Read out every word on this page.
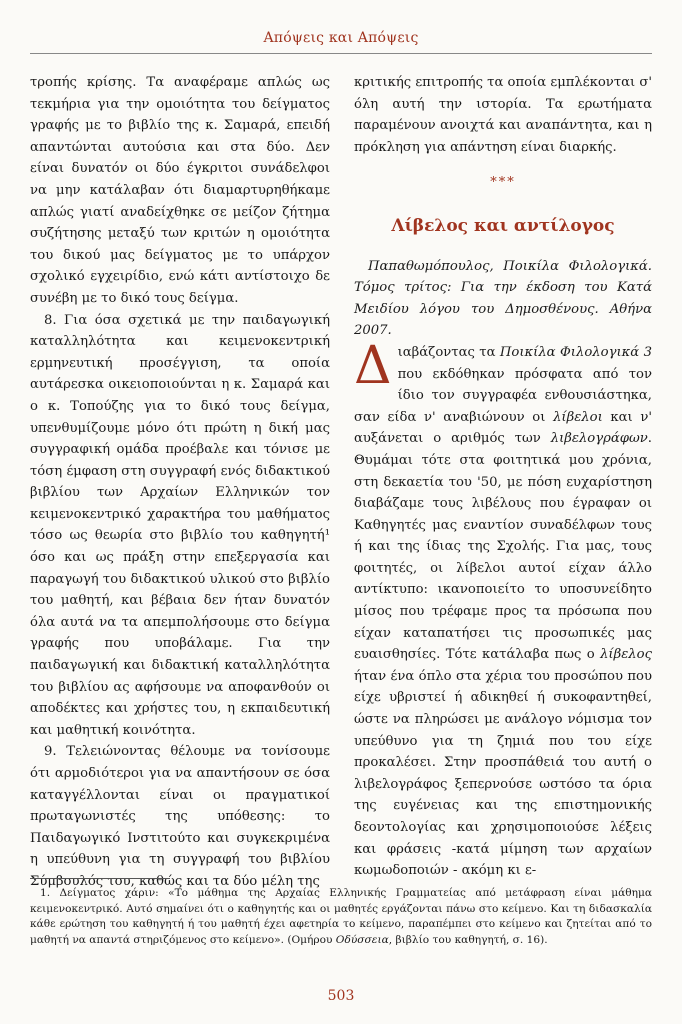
Απόψεις και Απόψεις

τροπής κρίσης. Τα αναφέραμε απλώς ως τεκμήρια για την ομοιότητα του δείγματος γραφής με το βιβλίο της κ. Σαμαρά, επειδή απαντώνται αυτούσια και στα δύο. Δεν είναι δυνατόν οι δύο έγκριτοι συνάδελφοι να μην κατάλαβαν ότι διαμαρτυρηθήκαμε απλώς γιατί αναδείχθηκε σε μείζον ζήτημα συζήτησης μεταξύ των κριτών η ομοιότητα του δικού μας δείγματος με το υπάρχον σχολικό εγχειρίδιο, ενώ κάτι αντίστοιχο δε συνέβη με το δικό τους δείγμα.

8. Για όσα σχετικά με την παιδαγωγική καταλληλότητα και κειμενοκεντρική ερμηνευτική προσέγγιση, τα οποία αυτάρεσκα οικειοποιούνται η κ. Σαμαρά και ο κ. Τοπούζης για το δικό τους δείγμα, υπενθυμίζουμε μόνο ότι πρώτη η δική μας συγγραφική ομάδα προέβαλε και τόνισε με τόση έμφαση στη συγγραφή ενός διδακτικού βιβλίου των Αρχαίων Ελληνικών τον κειμενοκεντρικό χαρακτήρα του μαθήματος τόσο ως θεωρία στο βιβλίο του καθηγητή¹ όσο και ως πράξη στην επεξεργασία και παραγωγή του διδακτικού υλικού στο βιβλίο του μαθητή, και βέβαια δεν ήταν δυνατόν όλα αυτά να τα απεμπολήσουμε στο δείγμα γραφής που υποβάλαμε. Για την παιδαγωγική και διδακτική καταλληλότητα του βιβλίου ας αφήσουμε να αποφανθούν οι αποδέκτες και χρήστες του, η εκπαιδευτική και μαθητική κοινότητα.

9. Τελειώνοντας θέλουμε να τονίσουμε ότι αρμοδιότεροι για να απαντήσουν σε όσα καταγγέλλονται είναι οι πραγματικοί πρωταγωνιστές της υπόθεσης: το Παιδαγωγικό Ινστιτούτο και συγκεκριμένα η υπεύθυνη για τη συγγραφή του βιβλίου Σύμβουλός του, καθώς και τα δύο μέλη της

κριτικής επιτροπής τα οποία εμπλέκονται σ' όλη αυτή την ιστορία. Τα ερωτήματα παραμένουν ανοιχτά και αναπάντητα, και η πρόκληση για απάντηση είναι διαρκής.

***
Λίβελος και αντίλογος

Παπαθωμόπουλος, Ποικίλα Φιλολογικά. Τόμος τρίτος: Για την έκδοση του Κατά Μειδίου λόγου του Δημοσθένους. Αθήνα 2007.

Διαβάζοντας τα Ποικίλα Φιλολογικά 3 που εκδόθηκαν πρόσφατα από τον ίδιο τον συγγραφέα ενθουσιάστηκα, σαν είδα ν' αναβιώνουν οι λίβελοι και ν' αυξάνεται ο αριθμός των λιβελογράφων. Θυμάμαι τότε στα φοιτητικά μου χρόνια, στη δεκαετία του '50, με πόση ευχαρίστηση διαβάζαμε τους λιβέλους που έγραφαν οι Καθηγητές μας εναντίον συναδέλφων τους ή και της ίδιας της Σχολής. Για μας, τους φοιτητές, οι λίβελοι αυτοί είχαν άλλο αντίκτυπο: ικανοποιείτο το υποσυνείδητο μίσος που τρέφαμε προς τα πρόσωπα που είχαν καταπατήσει τις προσωπικές μας ευαισθησίες. Τότε κατάλαβα πως ο λίβελος ήταν ένα όπλο στα χέρια του προσώπου που είχε υβριστεί ή αδικηθεί ή συκοφαντηθεί, ώστε να πληρώσει με ανάλογο νόμισμα τον υπεύθυνο για τη ζημιά που του είχε προκαλέσει. Στην προσπάθειά του αυτή ο λιβελογράφος ξεπερνούσε ωστόσο τα όρια της ευγένειας και της επιστημονικής δεοντολογίας και χρησιμοποιούσε λέξεις και φράσεις -κατά μίμηση των αρχαίων κωμωδοποιών - ακόμη κι ε-

1. Δείγματος χάριν: «Το μάθημα της Αρχαίας Ελληνικής Γραμματείας από μετάφραση είναι μάθημα κειμενοκεντρικό. Αυτό σημαίνει ότι ο καθηγητής και οι μαθητές εργάζονται πάνω στο κείμενο. Και τη διδασκαλία κάθε ερώτηση του καθηγητή ή του μαθητή έχει αφετηρία το κείμενο, παραπέμπει στο κείμενο και ζητείται από το μαθητή να απαντά στηριζόμενος στο κείμενο». (Ομήρου Οδύσσεια, βιβλίο του καθηγητή, σ. 16).

503
